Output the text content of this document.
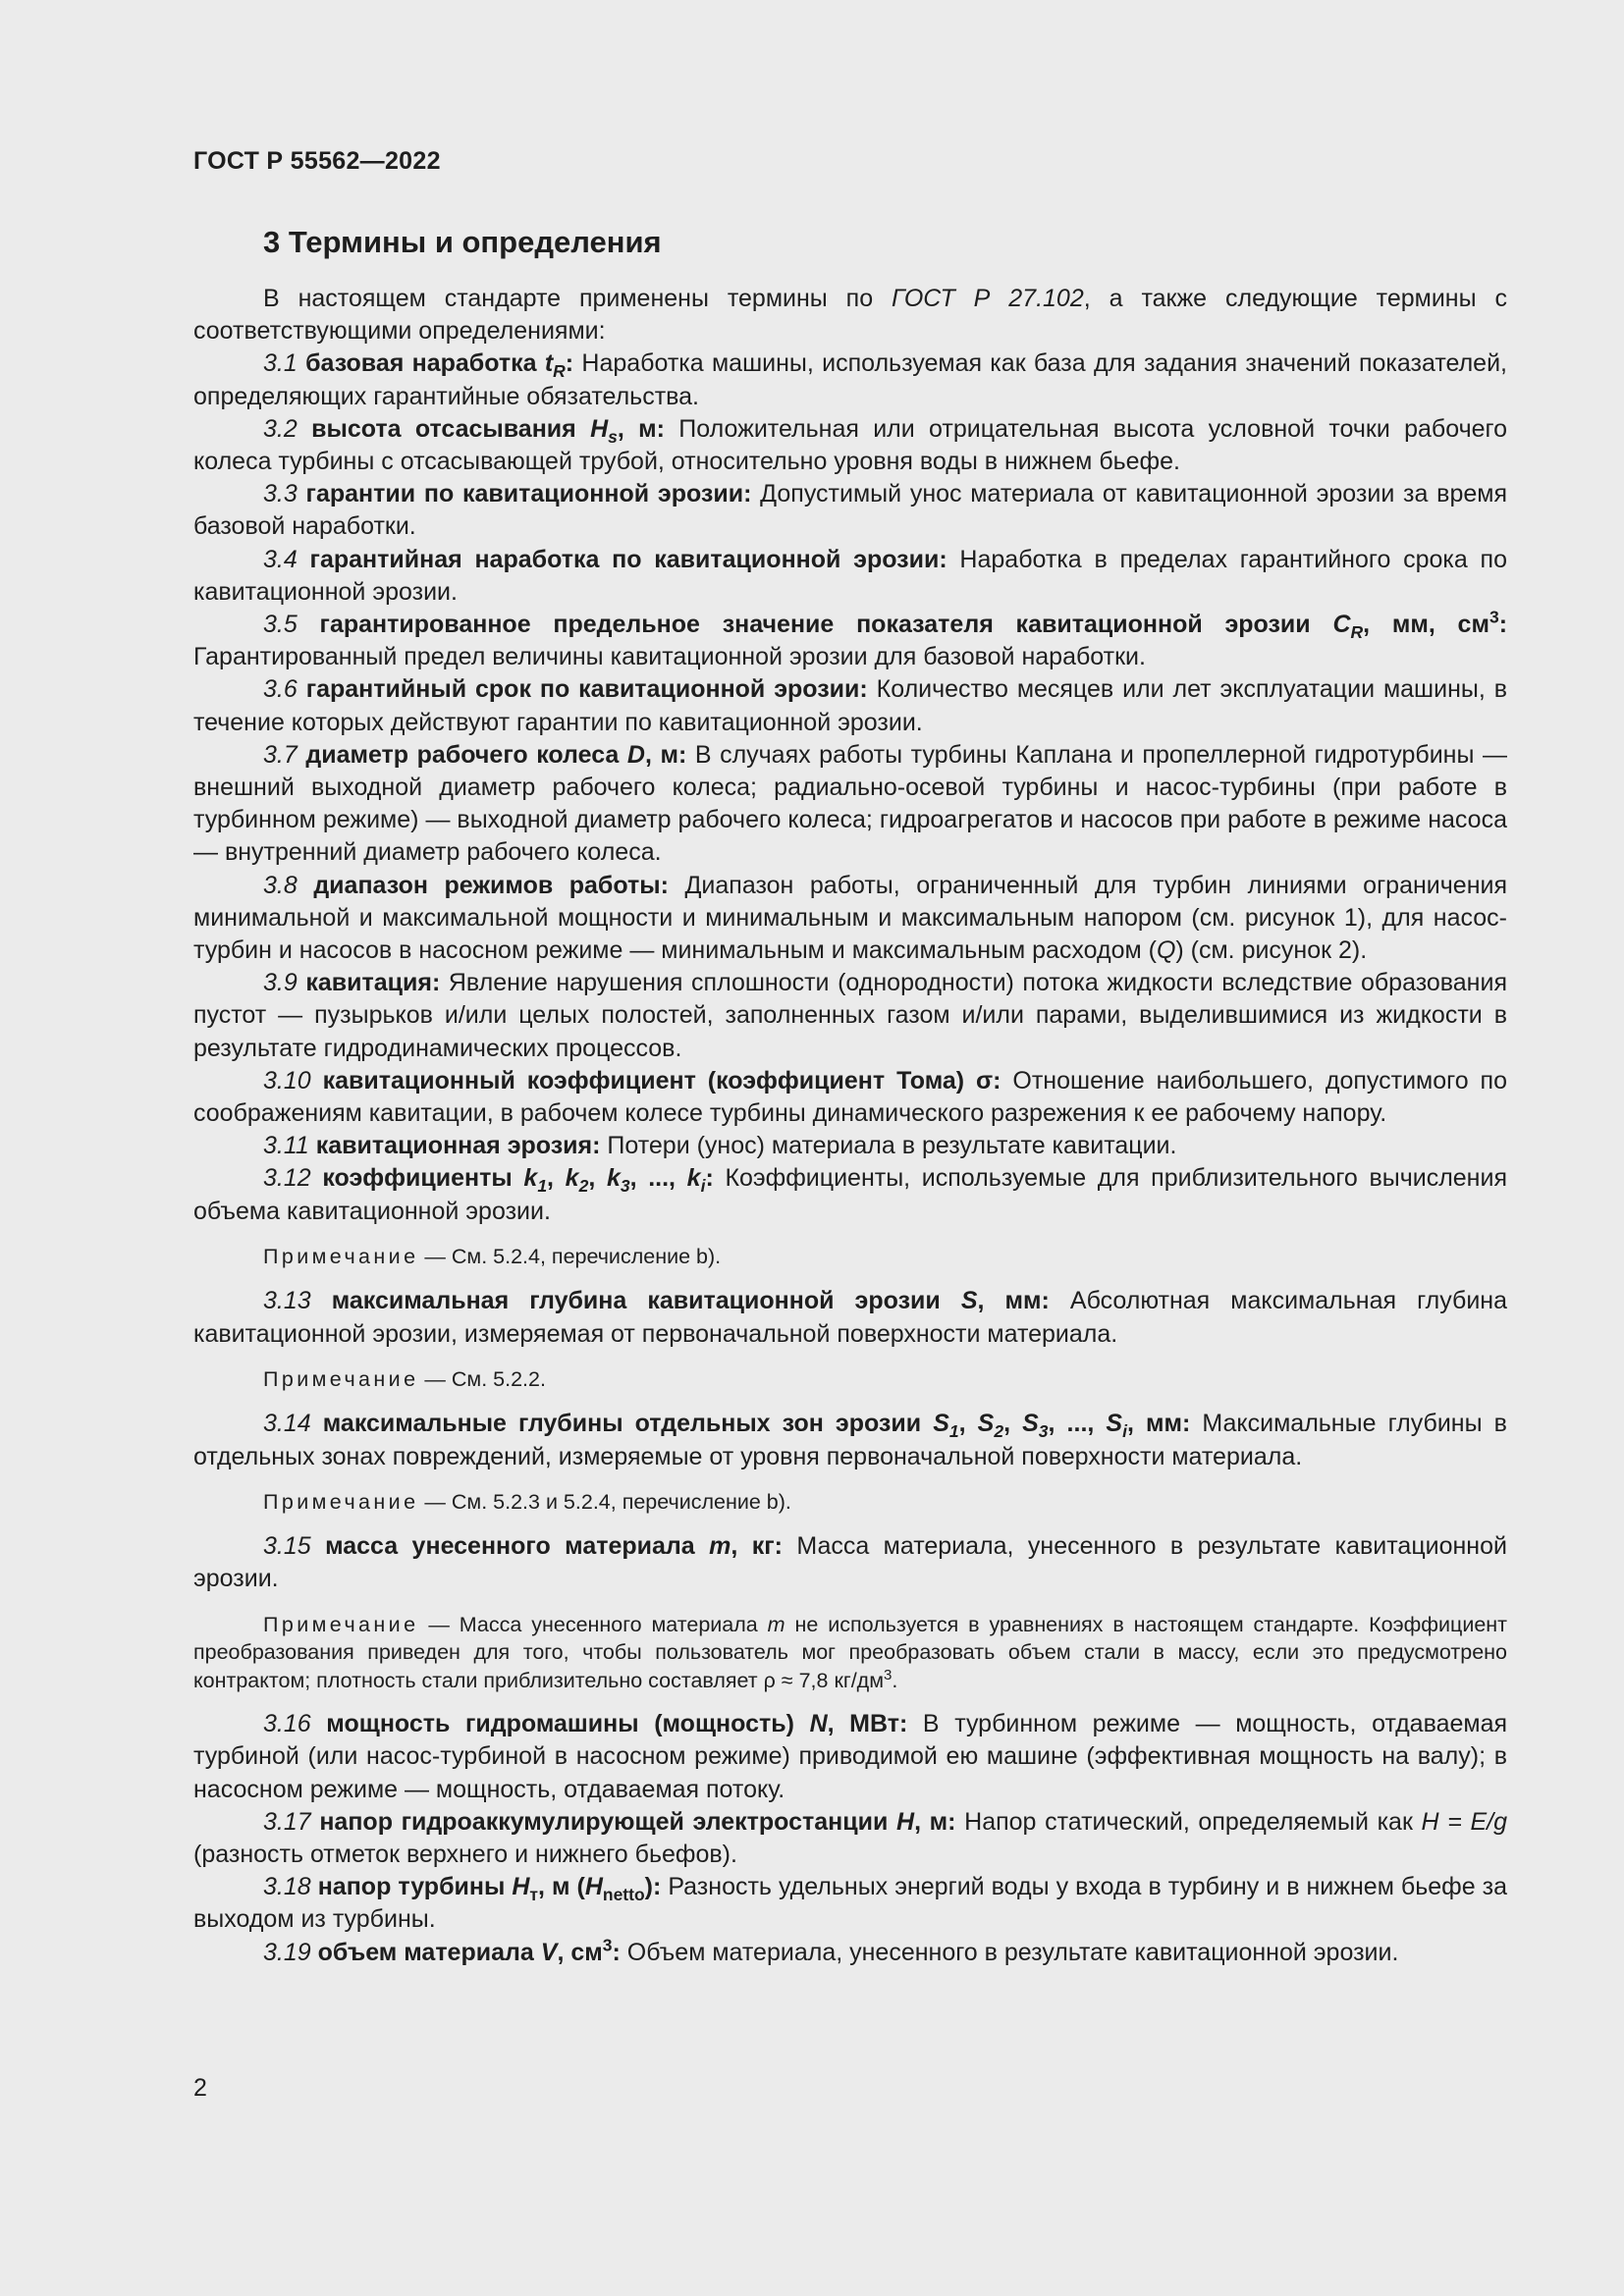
ГОСТ Р 55562—2022
3 Термины и определения

В настоящем стандарте применены термины по ГОСТ Р 27.102, а также следующие термины с соответствующими определениями:

3.1 базовая наработка $t_R$: Наработка машины, используемая как база для задания значений показателей, определяющих гарантийные обязательства.

3.2 высота отсасывания $H_s$, м: Положительная или отрицательная высота условной точки рабочего колеса турбины с отсасывающей трубой, относительно уровня воды в нижнем бьефе.

3.3 гарантии по кавитационной эрозии: Допустимый унос материала от кавитационной эрозии за время базовой наработки.

3.4 гарантийная наработка по кавитационной эрозии: Наработка в пределах гарантийного срока по кавитационной эрозии.

3.5 гарантированное предельное значение показателя кавитационной эрозии $C_R$, мм, $см^3$: Гарантированный предел величины кавитационной эрозии для базовой наработки.

3.6 гарантийный срок по кавитационной эрозии: Количество месяцев или лет эксплуатации машины, в течение которых действуют гарантии по кавитационной эрозии.

3.7 диаметр рабочего колеса D, м: В случаях работы турбины Каплана и пропеллерной гидротурбины — внешний выходной диаметр рабочего колеса; радиально-осевой турбины и насос-турбины (при работе в турбинном режиме) — выходной диаметр рабочего колеса; гидроагрегатов и насосов при работе в режиме насоса — внутренний диаметр рабочего колеса.

3.8 диапазон режимов работы: Диапазон работы, ограниченный для турбин линиями ограничения минимальной и максимальной мощности и минимальным и максимальным напором (см. рисунок 1), для насос-турбин и насосов в насосном режиме — минимальным и максимальным расходом (Q) (см. рисунок 2).

3.9 кавитация: Явление нарушения сплошности (однородности) потока жидкости вследствие образования пустот — пузырьков и/или целых полостей, заполненных газом и/или парами, выделившимися из жидкости в результате гидродинамических процессов.

3.10 кавитационный коэффициент (коэффициент Тома) σ: Отношение наибольшего, допустимого по соображениям кавитации, в рабочем колесе турбины динамического разрежения к ее рабочему напору.

3.11 кавитационная эрозия: Потери (унос) материала в результате кавитации.

3.12 коэффициенты $k_1$, $k_2$, $k_3$, ..., $k_i$: Коэффициенты, используемые для приблизительного вычисления объема кавитационной эрозии.

Примечание — См. 5.2.4, перечисление b).

3.13 максимальная глубина кавитационной эрозии S, мм: Абсолютная максимальная глубина кавитационной эрозии, измеряемая от первоначальной поверхности материала.

Примечание — См. 5.2.2.

3.14 максимальные глубины отдельных зон эрозии $S_1$, $S_2$, $S_3$, ..., $S_i$, мм: Максимальные глубины в отдельных зонах повреждений, измеряемые от уровня первоначальной поверхности материала.

Примечание — См. 5.2.3 и 5.2.4, перечисление b).

3.15 масса унесенного материала m, кг: Масса материала, унесенного в результате кавитационной эрозии.

Примечание — Масса унесенного материала m не используется в уравнениях в настоящем стандарте. Коэффициент преобразования приведен для того, чтобы пользователь мог преобразовать объем стали в массу, если это предусмотрено контрактом; плотность стали приблизительно составляет ρ ≈ 7,8 $кг/дм^3$.

3.16 мощность гидромашины (мощность) N, МВт: В турбинном режиме — мощность, отдаваемая турбиной (или насос-турбиной в насосном режиме) приводимой ею машине (эффективная мощность на валу); в насосном режиме — мощность, отдаваемая потоку.

3.17 напор гидроаккумулирующей электростанции H, м: Напор статический, определяемый как H = E/g (разность отметок верхнего и нижнего бьефов).

3.18 напор турбины $H_т$, м $(H_{netto})$: Разность удельных энергий воды у входа в турбину и в нижнем бьефе за выходом из турбины.

3.19 объем материала V, $см^3$: Объем материала, унесенного в результате кавитационной эрозии.

2
